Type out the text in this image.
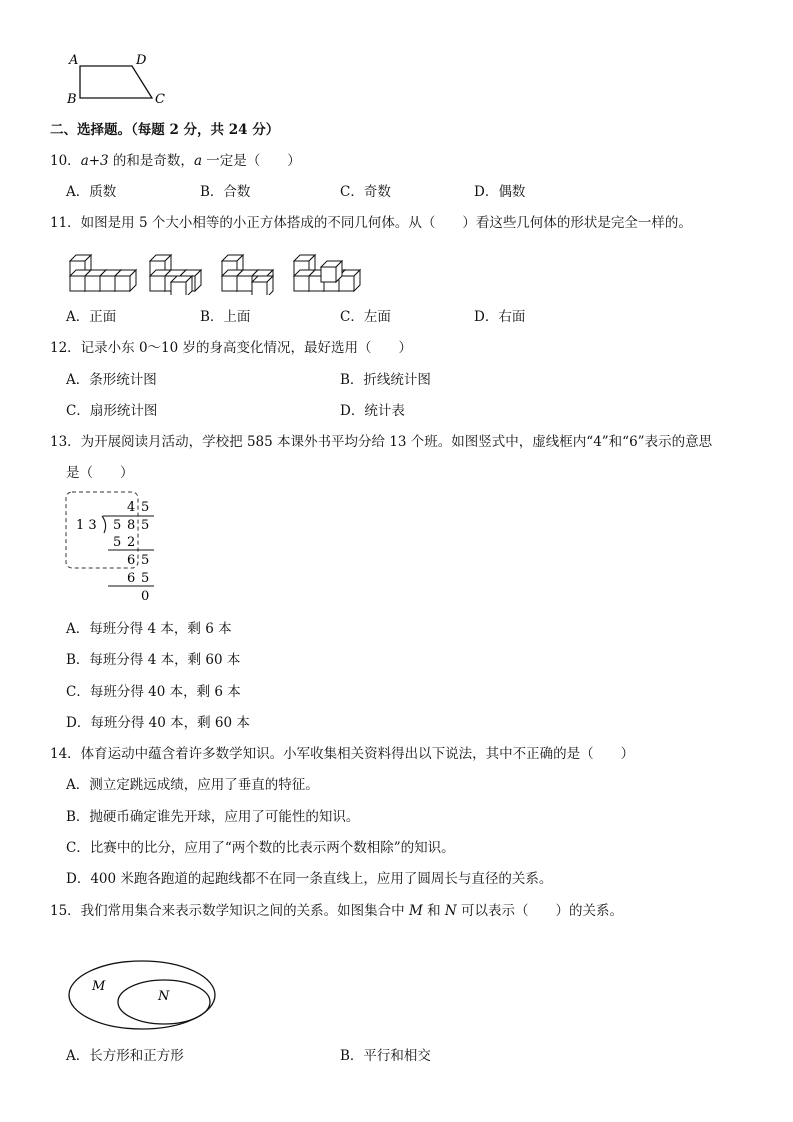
A	D
B	C
二、选择题。（每题 2 分，共 24 分）
10．a+3 的和是奇数，a 一定是（　　）
A．质数	B．合数	C．奇数	D．偶数
11．如图是用 5 个大小相等的小正方体搭成的不同几何体。从（　　）看这些几何体的形状是完全一样的。
A．正面	B．上面	C．左面	D．右面
12．记录小东 0～10 岁的身高变化情况，最好选用（　　）
A．条形统计图	B．折线统计图
C．扇形统计图	D．统计表
13．为开展阅读月活动，学校把 585 本课外书平均分给 13 个班。如图竖式中，虚线框内“4”和“6”表示的意思
是（　　）
4 5
1 3 5 8 5
5 2
6 5
6 5
0
A．每班分得 4 本，剩 6 本
B．每班分得 4 本，剩 60 本
C．每班分得 40 本，剩 6 本
D．每班分得 40 本，剩 60 本
14．体育运动中蕴含着许多数学知识。小军收集相关资料得出以下说法，其中不正确的是（　　）
A．测立定跳远成绩，应用了垂直的特征。
B．抛硬币确定谁先开球，应用了可能性的知识。
C．比赛中的比分，应用了“两个数的比表示两个数相除”的知识。
D．400 米跑各跑道的起跑线都不在同一条直线上，应用了圆周长与直径的关系。
15．我们常用集合来表示数学知识之间的关系。如图集合中 M 和 N 可以表示（　　）的关系。
M
N
A．长方形和正方形	B．平行和相交
